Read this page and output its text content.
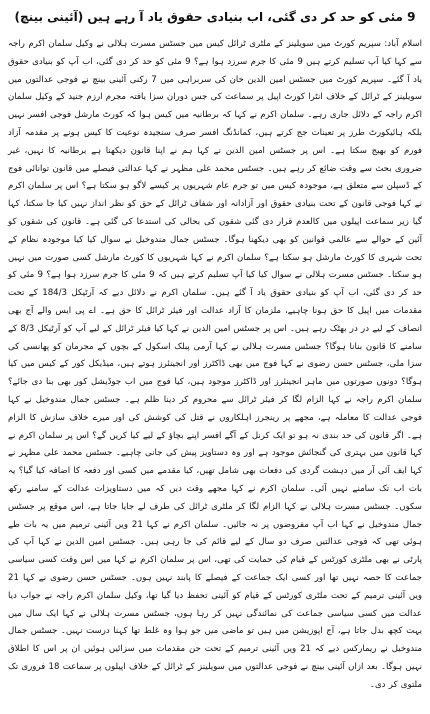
9 مئی کو حد کر دی گئی، اب بنیادی حقوق یاد آ رہے ہیں (آئینی بینچ)

اسلام آباد: سپریم کورٹ میں سویلینز کے ملٹری ٹرائل کیس میں جسٹس مسرت ہلالی نے وکیل سلمان اکرم راجہ سے کہا کیا آپ تسلیم کرتے ہیں 9 مئی کا جرم سرزد ہوا ہے؟ 9 مئی کو حد کر دی گئی، اب آپ کو بنیادی حقوق یاد آ گئے۔ سپریم کورٹ میں جسٹس امین الدین خان کی سربراہی میں 7 رکنی آئینی بینچ نے فوجی عدالتوں میں سویلینز کے ٹرائل کے خلاف انٹرا کورٹ اپیل پر سماعت کی جس دوران سزا یافتہ مجرم ارزم جنید کے وکیل سلمان اکرم راجہ کے دلائل جاری رہے۔ سلمان اکرم نے کہا کہ برطانیہ میں کیس ہوا کہ کورٹ مارشل فوجی افسر نہیں بلکہ ہائیکورٹ طرز پر تعینات جج کرتے ہیں، کمانڈنگ افسر صرف سنجیدہ نوعیت کا کیس ہونے پر مقدمہ آزاد فورم کو بھیج سکتا ہے۔ اس پر جسٹس امین الدین نے کہا ہم نے اپنا قانون دیکھنا ہے برطانیہ کا نہیں، غیر ضروری بحث سے وقت ضائع کر رہے ہیں۔ جسٹس محمد علی مظہر نے کہا عدالتی فیصلے میں قانون توانائی فوج کے ڈسپلن سے متعلق ہے، موجودہ کیس میں تو جرم عام شہریوں پر کیسے لاگو ہو سکتا ہے؟ اس پر سلمان اکرم نے کہا فوجی قانون کے تحت بنیادی حقوق اور آزادانہ اور شفاف ٹرائل کے حق کو نظر انداز نہیں کیا جا سکتا، کہا گیا زیر سماعت اپیلوں میں کالعدم قرار دی گئی شقوں کی بحالی کی استدعا کی گئی ہے۔ قانون کی شقوں کو آئین کے حوالے سے عالمی قوانین کو بھی دیکھنا ہوگا۔ جسٹس جمال مندوخیل نے سوال کیا کیا موجودہ نظام کے تحت شہری کا کورٹ مارشل ہو سکتا ہے؟ سلمان اکرم نے کہا شہریوں کا کورٹ مارشل کسی صورت میں نہیں ہو سکتا۔ جسٹس مسرت ہلالی نے سوال کیا کیا آپ تسلیم کرتے ہیں کہ 9 مئی کا جرم سرزد ہوا ہے؟ 9 مئی کو حد کر دی گئی، اب آپ کو بنیادی حقوق یاد آ گئے ہیں۔ سلمان اکرم نے دلائل دیے کہ آرٹیکل 184/3 کے تحت مقدمات میں اپیل کا حق ہونا چاہیے، ملزمان کا آزاد عدالت اور فیئر ٹرائل کا حق ہے۔ اے پی ایس والے آج بھی انصاف کے لیے در در بھٹک رہے ہیں۔ اس پر جسٹس امین الدین نے کہا کیا فیئر ٹرائل کے لیے آپ کو آرٹیکل 8/3 کے سامنے کا قانون بنانا ہوگا؟ جسٹس مسرت ہلالی نے کہا آرمی پبلک اسکول کے بچوں کے مجرمان کو پھانسی کی سزا ملی، جسٹس حسن رضوی نے کہا فوج میں بھی ڈاکٹرز اور انجینئرز ہوتے ہیں، میڈیکل کور کے کیس میں کیا ہوگا؟ دونوں صورتوں میں ماہر انجینئرز اور ڈاکٹرز موجود ہیں، کیا فوج میں اب جوڈیشل کور بھی بنا دی جائے؟ سلمان اکرم راجہ نے کہا الزام لگا کر فیئر ٹرائل سے محروم کر دینا ظلم ہے۔ جسٹس جمال مندوخیل نے کہا فوجی عدالت کا معاملہ ہے، مجھے پر رینجرز اہلکاروں نے قتل کی کوشش کی اور میرے خلاف سازش کا الزام ہے۔ اگر قانون کی حد بندی نہ ہو تو ایک کرنل کے آگے افسر اپنے بچاؤ کے لیے کیا کریں گے؟ اس پر سلمان اکرم نے کہا قانون میں بہتری کی گنجائش موجود ہے اور وہ دستاویز پیش کی جانی چاہیے۔ جسٹس محمد علی مظہر نے کہا ایف آئی آر میں دہشت گردی کی دفعات بھی شامل تھیں، کیا مقدمے میں کسی اور دفعہ کا اضافہ کیا گیا؟ یہ بات اب تک سامنے نہیں آئی۔ سلمان اکرم نے کہا مجھے وقت دیں کہ میں دستاویزات عدالت کے سامنے رکھ سکوں۔ جسٹس مسرت ہلالی نے کہا الزام لگا کر ملٹری ٹرائل کی طرف لے جایا جاتا ہے، اس موقع پر جسٹس جمال مندوخیل نے کہا اب آپ مفروضوں پر نہ جائیں۔ سلمان اکرم نے کہا 21 ویں آئینی ترمیم میں یہ بات طے ہوئی تھی کہ فوجی عدالتیں صرف دو سال کے لیے قائم کی جا رہی ہیں۔ جسٹس امین الدین نے کہا آپ کی پارٹی نے بھی ملٹری کورٹس کے قیام کی حمایت کی تھی، اس پر سلمان اکرم نے کہا میں اس وقت کسی سیاسی جماعت کا حصہ نہیں تھا اور کسی ایک جماعت کے فیصلے کا پابند نہیں ہوں۔ جسٹس حسن رضوی نے کہا 21 ویں آئینی ترمیم کے تحت ملٹری کورٹس کے قیام کو آئینی تحفظ دیا گیا تھا، وکیل سلمان اکرم راجہ نے جواب دیا عدالت میں کسی سیاسی جماعت کی نمائندگی نہیں کر رہا ہوں، جسٹس مسرت ہلالی نے کہا ایک سال میں بہت کچھ بدل جاتا ہے، آج اپوزیشن میں ہیں تو ماضی میں جو ہوا وہ غلط تھا کہنا درست نہیں۔ جسٹس جمال مندوخیل نے ریمارکس دیے کہ 21 ویں آئینی ترمیم کے تحت جن مقدمات میں سزائیں ہوئیں ان پر اس کا اطلاق نہیں ہوگا۔ بعد ازاں آئینی بینچ نے فوجی عدالتوں میں سویلینز کے ٹرائل کے خلاف اپیلوں پر سماعت 18 فروری تک ملتوی کر دی۔
